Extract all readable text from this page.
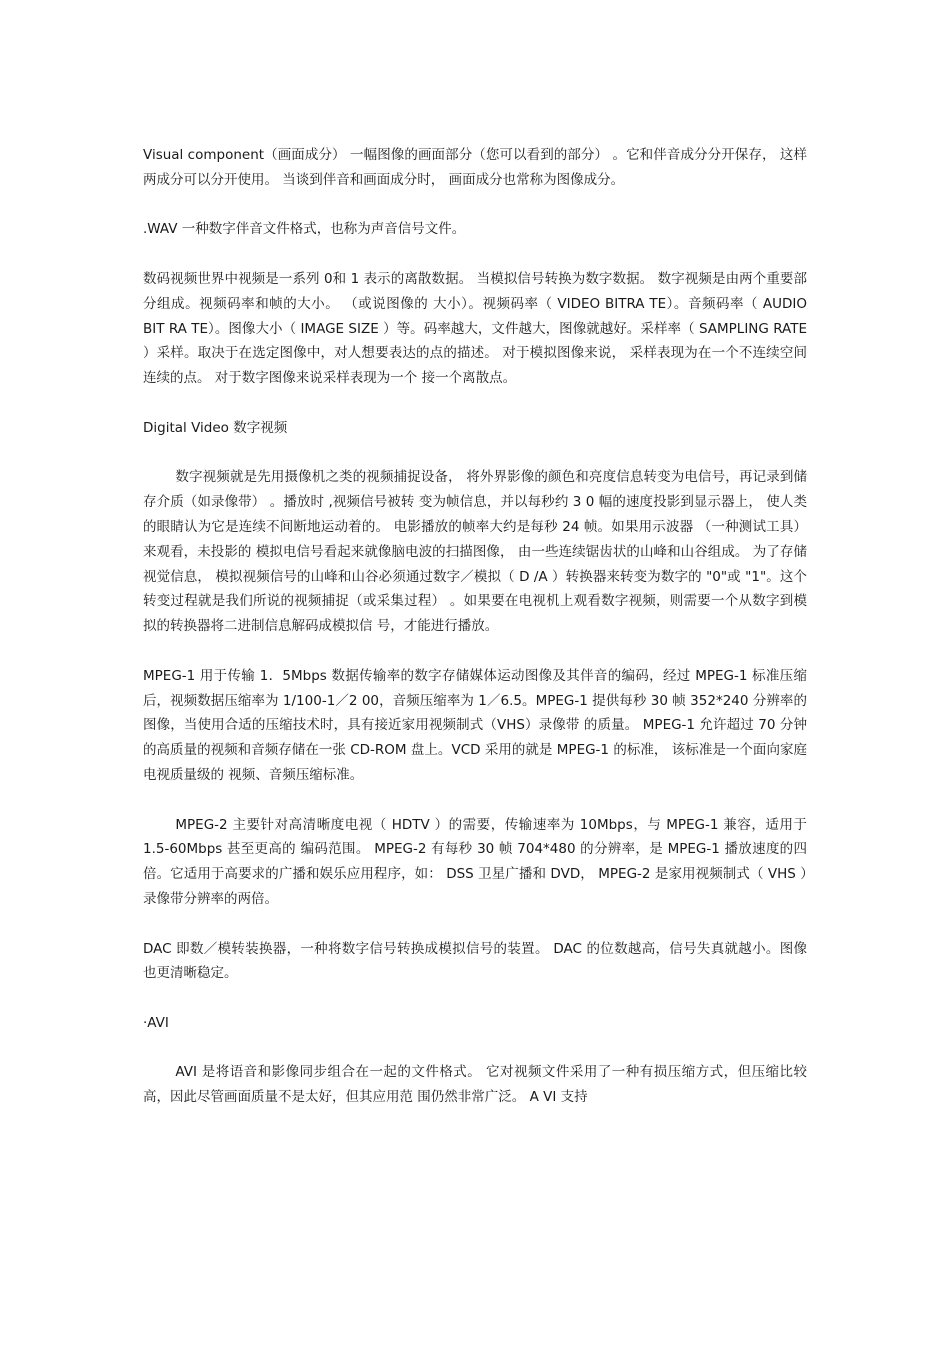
Visual component（画面成分） 一幅图像的画面部分（您可以看到的部分） 。它和伴音成分分开保存， 这样两成分可以分开使用。 当谈到伴音和画面成分时， 画面成分也常称为图像成分。

.WAV 一种数字伴音文件格式，也称为声音信号文件。

数码视频世界中视频是一系列 0和 1 表示的离散数据。 当模拟信号转换为数字数据。 数字视频是由两个重要部分组成。视频码率和帧的大小。 （或说图像的 大小）。视频码率（ VIDEO BITRA TE）。音频码率（ AUDIO BIT RA TE）。图像大小（ IMAGE SIZE ）等。码率越大，文件越大，图像就越好。采样率（ SAMPLING RATE ）采样。取决于在选定图像中，对人想要表达的点的描述。 对于模拟图像来说， 采样表现为在一个不连续空间连续的点。 对于数字图像来说采样表现为一个 接一个离散点。

Digital Video 数字视频

数字视频就是先用摄像机之类的视频捕捉设备， 将外界影像的颜色和亮度信息转变为电信号，再记录到储存介质（如录像带） 。播放时 ,视频信号被转 变为帧信息，并以每秒约 3 0 幅的速度投影到显示器上， 使人类的眼睛认为它是连续不间断地运动着的。 电影播放的帧率大约是每秒 24 帧。如果用示波器 （一种测试工具） 来观看，未投影的 模拟电信号看起来就像脑电波的扫描图像， 由一些连续锯齿状的山峰和山谷组成。 为了存储视觉信息， 模拟视频信号的山峰和山谷必须通过数字／模拟（ D /A ）转换器来转变为数字的 "0"或 "1"。这个转变过程就是我们所说的视频捕捉（或采集过程） 。如果要在电视机上观看数字视频，则需要一个从数字到模拟的转换器将二进制信息解码成模拟信 号，才能进行播放。

MPEG-1 用于传输 1．5Mbps 数据传输率的数字存储媒体运动图像及其伴音的编码，经过 MPEG-1 标准压缩后，视频数据压缩率为 1/100-1／2 00，音频压缩率为 1／6.5。MPEG-1 提供每秒 30 帧 352*240 分辨率的图像，当使用合适的压缩技术时，具有接近家用视频制式（VHS）录像带 的质量。 MPEG-1 允许超过 70 分钟的高质量的视频和音频存储在一张 CD-ROM 盘上。VCD 采用的就是 MPEG-1 的标准， 该标准是一个面向家庭电视质量级的 视频、音频压缩标准。

MPEG-2 主要针对高清晰度电视（ HDTV ）的需要，传输速率为 10Mbps，与 MPEG-1 兼容，适用于 1.5-60Mbps 甚至更高的 编码范围。 MPEG-2 有每秒 30 帧 704*480 的分辨率，是 MPEG-1 播放速度的四倍。它适用于高要求的广播和娱乐应用程序，如： DSS 卫星广播和 DVD， MPEG-2 是家用视频制式（ VHS ）录像带分辨率的两倍。

DAC 即数／模转装换器，一种将数字信号转换成模拟信号的装置。 DAC 的位数越高，信号失真就越小。图像也更清晰稳定。

·AVI

AVI 是将语音和影像同步组合在一起的文件格式。 它对视频文件采用了一种有损压缩方式，但压缩比较高，因此尽管画面质量不是太好，但其应用范 围仍然非常广泛。 A VI 支持
